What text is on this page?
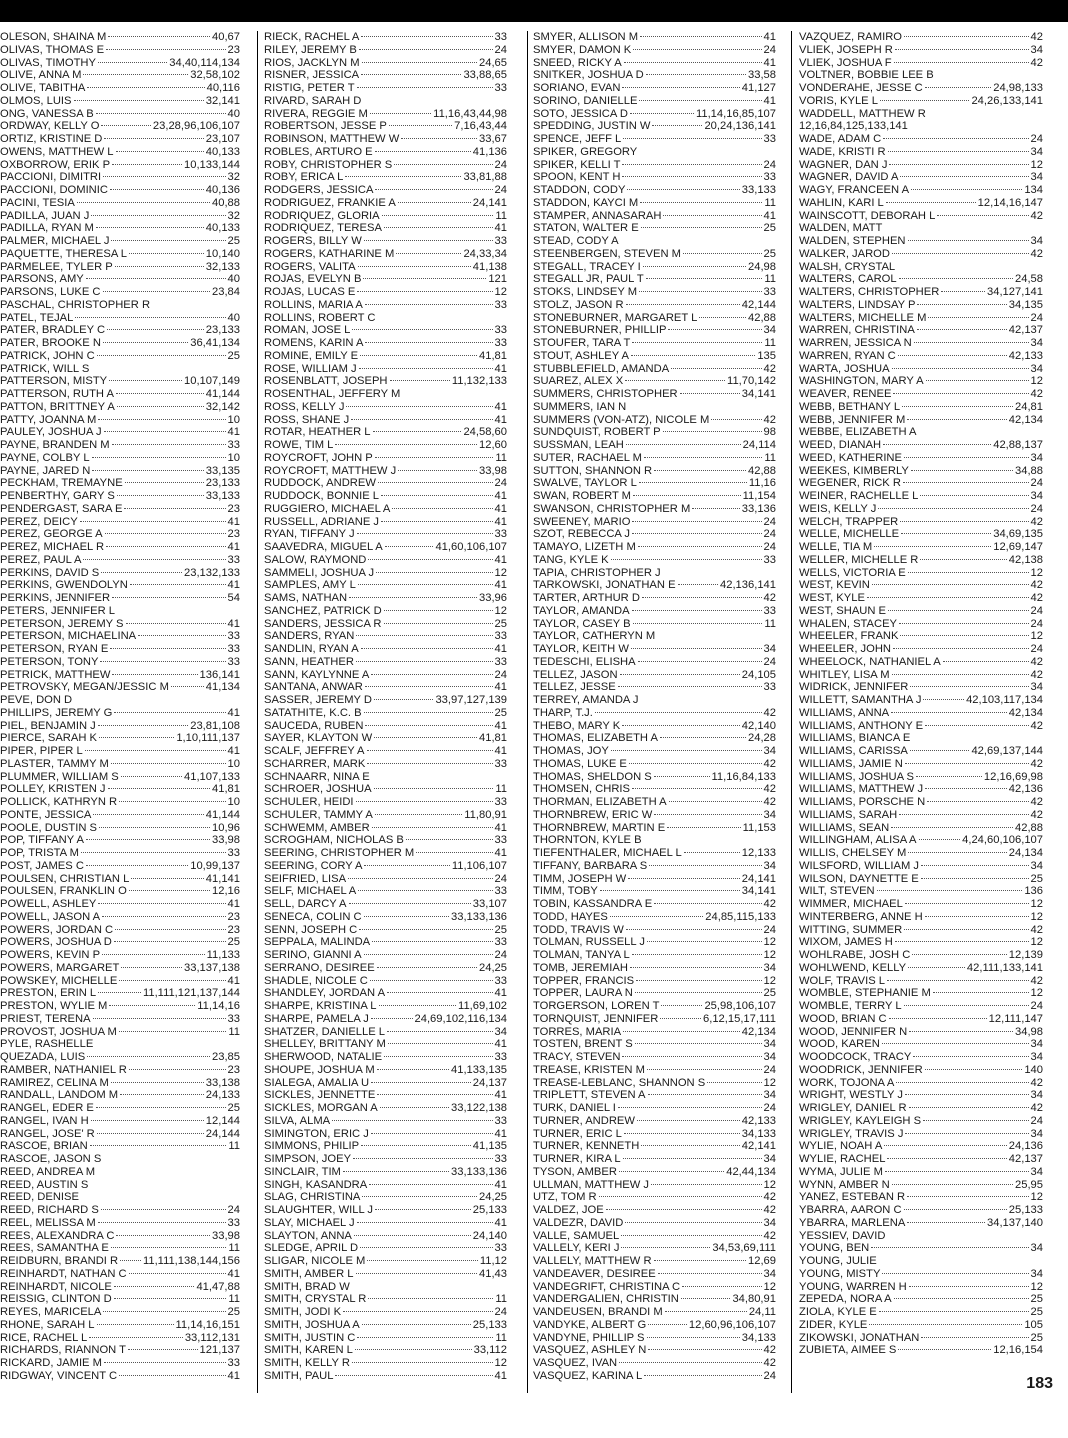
OLESON, SHAINA M	40,67
OLIVAS, THOMAS E	23
OLIVAS, TIMOTHY	34,40,114,134
OLIVE, ANNA M	32,58,102
OLIVE, TABITHA	40,116
OLMOS, LUIS	32,141
ONG, VANESSA B	40
ORDWAY, KELLY O	23,28,96,106,107
ORTIZ, KRISTINE D	23,107
OWENS, MATTHEW L	40,133
OXBORROW, ERIK P	10,133,144
PACCIONI, DIMITRI	32
PACCIONI, DOMINIC	40,136
PACINI, TESIA	40,88
PADILLA, JUAN J	32
PADILLA, RYAN M	40,133
PALMER, MICHAEL J	25
PAQUETTE, THERESA L	10,140
PARMELEE, TYLER P	32,133
PARSONS, AMY	40
PARSONS, LUKE C	23,84
PASCHAL, CHRISTOPHER R
PATEL, TEJAL	40
PATER, BRADLEY C	23,133
PATER, BROOKE N	36,41,134
PATRICK, JOHN C	25
PATRICK, WILL S
PATTERSON, MISTY	10,107,149
PATTERSON, RUTH A	41,144
PATTON, BRITTNEY A	32,142
PATTY, JOANNA M	10
PAULEY, JOSHUA J	41
PAYNE, BRANDEN M	33
PAYNE, COLBY L	10
PAYNE, JARED N	33,135
PECKHAM, TREMAYNE	23,133
PENBERTHY, GARY S	33,133
PENDERGAST, SARA E	23
PEREZ, DEICY	41
PEREZ, GEORGE A	23
PEREZ, MICHAEL R	41
PEREZ, PAUL A	33
PERKINS, DAVID S	23,132,133
PERKINS, GWENDOLYN	41
PERKINS, JENNIFER	54
PETERS, JENNIFER L
PETERSON, JEREMY S	41
PETERSON, MICHAELINA	33
PETERSON, RYAN E	33
PETERSON, TONY	33
PETRICK, MATTHEW	136,141
PETROVSKY, MEGAN/JESSIC M	41,134
PEVE, DON D
PHILLIPS, JEREMY G	41
PIEL, BENJAMIN J	23,81,108
PIERCE, SARAH K	1,10,111,137
PIPER, PIPER L	41
PLASTER, TAMMY M	10
PLUMMER, WILLIAM S	41,107,133
POLLEY, KRISTEN J	41,81
POLLICK, KATHRYN R	10
PONTE, JESSICA	41,144
POOLE, DUSTIN S	10,96
POP, TIFFANY A	33,98
POP, TRISTA M	33
POST, JAMES C	10,99,137
POULSEN, CHRISTIAN L	41,141
POULSEN, FRANKLIN O	12,16
POWELL, ASHLEY	41
POWELL, JASON A	23
POWERS, JORDAN C	23
POWERS, JOSHUA D	25
POWERS, KEVIN P	11,133
POWERS, MARGARET	33,137,138
POWSKEY, MICHELLE	41
PRESTON, ERIN L	11,111,121,137,144
PRESTON, WYLIE M	11,14,16
PRIEST, TERENA	33
PROVOST, JOSHUA M	11
PYLE, RASHELLE
QUEZADA, LUIS	23,85
RAMBER, NATHANIEL R	23
RAMIREZ, CELINA M	33,138
RANDALL, LANDOM M	24,133
RANGEL, EDER E	25
RANGEL, IVAN H	12,144
RANGEL, JOSE' R	24,144
RASCOE, BRIAN	11
RASCOE, JASON S
REED, ANDREA M
REED, AUSTIN S
REED, DENISE
REED, RICHARD S	24
REEL, MELISSA M	33
REES, ALEXANDRA C	33,98
REES, SAMANTHA E	11
REIDBURN, BRANDI R 11,111,138,144,156
REINHARDT, NATHAN C	41
REINHARDT, NICOLE	41,47,88
REISSIG, CLINTON D	11
REYES, MARICELA	25
RHONE, SARAH L	11,14,16,151
RICE, RACHEL L	33,112,131
RICHARDS, RIANNON T	121,137
RICKARD, JAMIE M	33
RIDGWAY, VINCENT C	41
RIECK, RACHEL A	33
RILEY, JEREMY B	24
RIOS, JACKLYN M	24,65
RISNER, JESSICA	33,88,65
RISTIG, PETER T	33
RIVARD, SARAH D
RIVERA, REGGIE M	11,16,43,44,98
ROBERTSON, JESSE P	7,16,43,44
ROBINSON, MATTHEW W	33,67
ROBLES, ARTURO E	41,136
ROBY, CHRISTOPHER S	24
ROBY, ERICA L	33,81,88
RODGERS, JESSICA	24
RODRIGUEZ, FRANKIE A	24,141
RODRIQUEZ, GLORIA	11
RODRIQUEZ, TERESA	41
ROGERS, BILLY W	33
ROGERS, KATHARINE M	24,33,34
ROGERS, VALITA	41,138
ROJAS, EVELYN B	121
ROJAS, LUCAS E	12
ROLLINS, MARIA A	33
ROLLINS, ROBERT C
ROMAN, JOSE L	33
ROMENS, KARIN A	33
ROMINE, EMILY E	41,81
ROSE, WILLIAM J	41
ROSENBLATT, JOSEPH	11,132,133
ROSENTHAL, JEFFERY M
ROSS, KELLY J	41
ROSS, SHANE J	41
ROTAR, HEATHER L	24,58,60
ROWE, TIM L	12,60
ROYCROFT, JOHN P	11
ROYCROFT, MATTHEW J	33,98
RUDDOCK, ANDREW	24
RUDDOCK, BONNIE L	41
RUGGIERO, MICHAEL A	41
RUSSELL, ADRIANE J	41
RYAN, TIFFANY J	33
SAAVEDRA, MIGUEL A	41,60,106,107
SALOW, RAYMOND	41
SAMMELI, JOSHUA J	12
SAMPLES, AMY L	41
SAMS, NATHAN	33,96
SANCHEZ, PATRICK D	12
SANDERS, JESSICA R	25
SANDERS, RYAN	33
SANDLIN, RYAN A	41
SANN, HEATHER	33
SANN, KAYLYNNE A	24
SANTANA, ANWAR	41
SASSER, JEREMY D	33,97,127,139
SATATHITE, K.C. B	25
SAUCEDA, RUBEN	41
SAYER, KLAYTON W	41,81
SCALF, JEFFREY A	41
SCHARRER, MARK	33
SCHNAARR, NINA E
SCHROER, JOSHUA	11
SCHULER, HEIDI	33
SCHULER, TAMMY A	11,80,91
SCHWEMM, AMBER	41
SCROGHAM, NICHOLAS B	33
SEERING, CHRISTOPHER M	41
SEERING, CORY A	11,106,107
SEIFRIED, LISA	24
SELF, MICHAEL A	33
SELL, DARCY A	33,107
SENECA, COLIN C	33,133,136
SENN, JOSEPH C	25
SEPPALA, MALINDA	33
SERINO, GIANNI A	24
SERRANO, DESIREE	24,25
SHADLE, NICOLE C	33
SHANDLEY, JORDAN A	41
SHARPE, KRISTINA L	11,69,102
SHARPE, PAMELA J	24,69,102,116,134
SHATZER, DANIELLE L	34
SHELLEY, BRITTANY M	41
SHERWOOD, NATALIE	33
SHOUPE, JOSHUA M	41,133,135
SIALEGA, AMALIA U	24,137
SICKLES, JENNETTE	41
SICKLES, MORGAN A	33,122,138
SILVA, ALMA	33
SIMINGTON, ERIC J	41
SIMMONS, PHILIP	41,135
SIMPSON, JOEY	33
SINCLAIR, TIM	33,133,136
SINGH, KASANDRA	41
SLAG, CHRISTINA	24,25
SLAUGHTER, WILL J	25,133
SLAY, MICHAEL J	41
SLAYTON, ANNA	24,140
SLEDGE, APRIL D	33
SLIGAR, NICOLE M	11,12
SMITH, AMBER L	41,43
SMITH, BRAD W
SMITH, CRYSTAL R	11
SMITH, JODI K	24
SMITH, JOSHUA A	25,133
SMITH, JUSTIN C	11
SMITH, KAREN L	33,112
SMITH, KELLY R	12
SMITH, PAUL	41
SMYER, ALLISON M	41
SMYER, DAMON K	24
SNEED, RICKY A	41
SNITKER, JOSHUA D	33,58
SORIANO, EVAN	41,127
SORINO, DANIELLE	41
SOTO, JESSICA D	11,14,16,85,107
SPEDDING, JUSTIN W	20,24,136,141
SPENCE, JEFF L	33
SPIKER, GREGORY
SPIKER, KELLI T	24
SPOON, KENT H	33
STADDON, CODY	33,133
STADDON, KAYCI M	11
STAMPER, ANNASARAH	41
STATON, WALTER E	25
STEAD, CODY A
STEENBERGEN, STEVEN M	25
STEGALL, TRACEY I	24,98
STEGALL JR, PAUL T	11
STOKS, LINDSEY M	33
STOLZ, JASON R	42,144
STONEBURNER, MARGARET L	42,88
STONEBURNER, PHILLIP	34
STOUFER, TARA T	11
STOUT, ASHLEY A	135
STUBBLEFIELD, AMANDA	42
SUAREZ, ALEX X	11,70,142
SUMMERS, CHRISTOPHER	34,141
SUMMERS, IAN N
SUMMERS (VON-ATZ), NICOLE M	42
SUNDQUIST, ROBERT P	98
SUSSMAN, LEAH	24,114
SUTER, RACHAEL M	11
SUTTON, SHANNON R	42,88
SWALVE, TAYLOR L	11,16
SWAN, ROBERT M	11,154
SWANSON, CHRISTOPHER M	33,136
SWEENEY, MARIO	24
SZOT, REBECCA J	24
TAMAYO, LIZETH M	24
TANG, KYLE K	33
TAPIA, CHRISTOPHER J
TARKOWSKI, JONATHAN E	42,136,141
TARTER, ARTHUR D	42
TAYLOR, AMANDA	33
TAYLOR, CASEY B	11
TAYLOR, CATHERYN M
TAYLOR, KEITH W	34
TEDESCHI, ELISHA	24
TELLEZ, JASON	24,105
TELLEZ, JESSE	33
TERREY, AMANDA J
THARP, T.J.	42
THEBO, MARY K	42,140
THOMAS, ELIZABETH A	24,28
THOMAS, JOY	34
THOMAS, LUKE E	42
THOMAS, SHELDON S	11,16,84,133
THOMSEN, CHRIS	42
THORMAN, ELIZABETH A	42
THORNBREW, ERIC W	34
THORNBREW, MARTIN E	11,153
THORNTON, KYLE B
TIEFENTHALER, MICHAEL L	12,133
TIFFANY, BARBARA S	34
TIMM, JOSEPH W	24,141
TIMM, TOBY	34,141
TOBIN, KASSANDRA E	42
TODD, HAYES	24,85,115,133
TODD, TRAVIS W	24
TOLMAN, RUSSELL J	12
TOLMAN, TANYA L	12
TOMB, JEREMIAH	34
TOPPER, FRANCIS	12
TOPPER, LAURA N	25
TORGERSON, LOREN T	25,98,106,107
TORNQUIST, JENNIFER	6,12,15,17,111
TORRES, MARIA	42,134
TOSTEN, BRENT S	34
TRACY, STEVEN	34
TREASE, KRISTEN M	24
TREASE-LEBLANC, SHANNON S	12
TRIPLETT, STEVEN A	34
TURK, DANIEL I	24
TURNER, ANDREW	42,133
TURNER, ERIC L	34,133
TURNER, KENNETH	42,141
TURNER, KIRA L	34
TYSON, AMBER	42,44,134
ULLMAN, MATTHEW J	12
UTZ, TOM R	42
VALDEZ, JOE	42
VALDEZR, DAVID	34
VALLE, SAMUEL	42
VALLELY, KERI J	34,53,69,111
VALLELY, MATTHEW R	12,69
VANDEAVER, DESIREE	34
VANDEGRIFT, CHRISTINA C	12
VANDERGALIEN, CHRISTIN	34,80,91
VANDEUSEN, BRANDI M	24,11
VANDYKE, ALBERT G	12,60,96,106,107
VANDYNE, PHILLIP S	34,133
VASQUEZ, ASHLEY N	42
VASQUEZ, IVAN	42
VASQUEZ, KARINA L	24
VAZQUEZ, RAMIRO	42
VLIEK, JOSEPH R	34
VLIEK, JOSHUA F	42
VOLTNER, BOBBIE LEE B
VONDERAHE, JESSE C	24,98,133
VORIS, KYLE L	24,26,133,141
WADDELL, MATTHEW R
12,16,84,125,133,141
WADE, ADAM C	24
WADE, KRISTI R	34
WAGNER, DAN J	12
WAGNER, DAVID A	34
WAGY, FRANCEEN A	134
WAHLIN, KARI L	12,14,16,147
WAINSCOTT, DEBORAH L	42
WALDEN, MATT
WALDEN, STEPHEN	34
WALKER, JAROD	42
WALSH, CRYSTAL
WALTERS, CAROL	24,58
WALTERS, CHRISTOPHER	34,127,141
WALTERS, LINDSAY P	34,135
WALTERS, MICHELLE M	24
WARREN, CHRISTINA	42,137
WARREN, JESSICA N	34
WARREN, RYAN C	42,133
WARTA, JOSHUA	34
WASHINGTON, MARY A	12
WEAVER, RENEE	42
WEBB, BETHANY L	24,81
WEBB, JENNIFER M	42,134
WEBBE, ELIZABETH A
WEED, DIANAH	42,88,137
WEED, KATHERINE	34
WEEKES, KIMBERLY	34,88
WEGENER, RICK R	24
WEINER, RACHELLE L	34
WEIS, KELLY J	24
WELCH, TRAPPER	42
WELLE, MICHELLE	34,69,135
WELLE, TIA M	12,69,147
WELLER, MICHELLE R	42,138
WELLS, VICTORIA E	12
WEST, KEVIN	42
WEST, KYLE	42
WEST, SHAUN E	24
WHALEN, STACEY	24
WHEELER, FRANK	12
WHEELER, JOHN	24
WHEELOCK, NATHANIEL A	42
WHITLEY, LISA M	42
WIDRICK, JENNIFER	34
WILLETT, SAMANTHA J	42,103,117,134
WILLIAMS, ANNA	42,134
WILLIAMS, ANTHONY E	42
WILLIAMS, BIANCA E
WILLIAMS, CARISSA	42,69,137,144
WILLIAMS, JAMIE N	42
WILLIAMS, JOSHUA S	12,16,69,98
WILLIAMS, MATTHEW J	42,136
WILLIAMS, PORSCHE N	42
WILLIAMS, SARAH	42
WILLIAMS, SEAN	42,88
WILLINGHAM, ALISA A	4,24,60,106,107
WILLIS, CHELSEY M	24,134
WILSFORD, WILLIAM J	34
WILSON, DAYNETTE E	25
WILT, STEVEN	136
WIMMER, MICHAEL	12
WINTERBERG, ANNE H	12
WITTING, SUMMER	42
WIXOM, JAMES H	12
WOHLRABE, JOSH C	12,139
WOHLWEND, KELLY	42,111,133,141
WOLF, TRAVIS L	42
WOMBLE, STEPHANIE M	12
WOMBLE, TERRY L	24
WOOD, BRIAN C	12,111,147
WOOD, JENNIFER N	34,98
WOOD, KAREN	34
WOODCOCK, TRACY	34
WOODRICK, JENNIFER	140
WORK, TOJONA A	42
WRIGHT, WESTLY J	34
WRIGLEY, DANIEL R	42
WRIGLEY, KAYLEIGH S	24
WRIGLEY, TRAVIS J	34
WYLIE, NOAH A	24,136
WYLIE, RACHEL	42,137
WYMA, JULIE M	34
WYNN, AMBER N	25,95
YANEZ, ESTEBAN R	12
YBARRA, AARON C	25,133
YBARRA, MARLENA	34,137,140
YESSIEV, DAVID
YOUNG, BEN	34
YOUNG, JULIE
YOUNG, MISTY	34
YOUNG, WARREN H	12
ZEPEDA, NORA A	25
ZIOLA, KYLE E	25
ZIDER, KYLE	105
ZIKOWSKI, JONATHAN	25
ZUBIETA, AIMEE S	12,16,154
183
